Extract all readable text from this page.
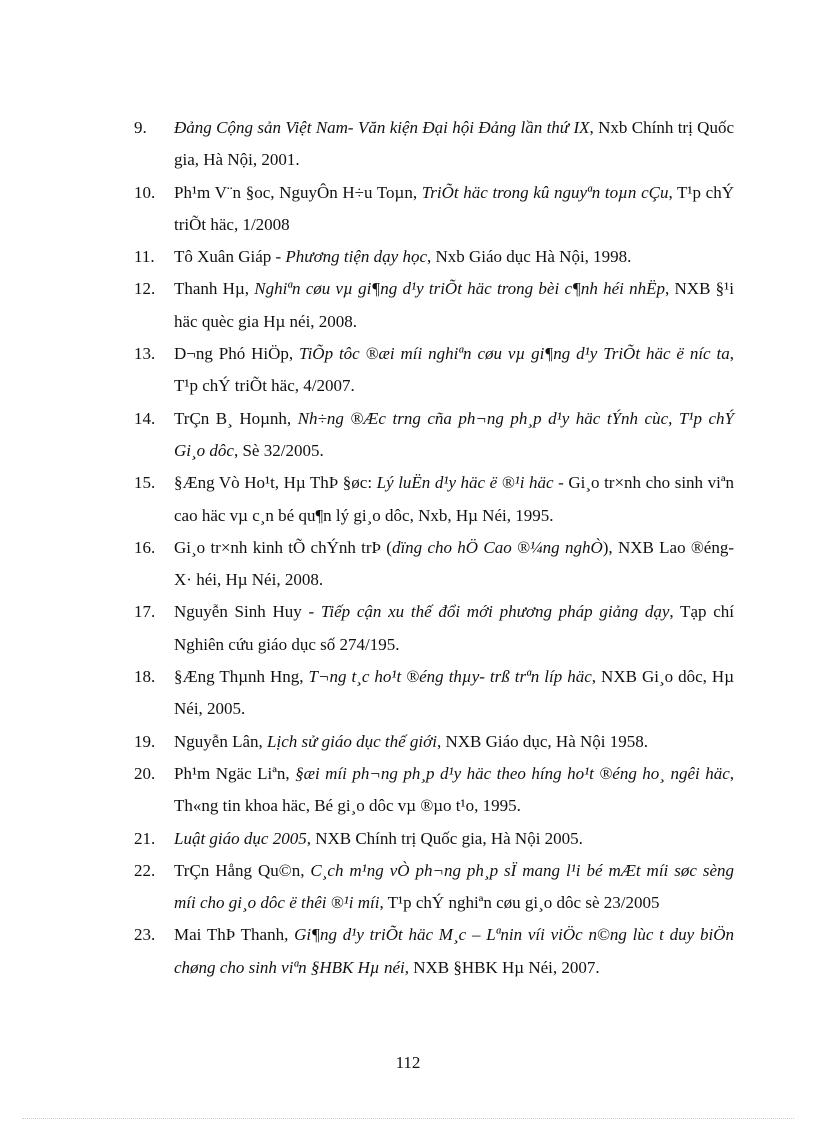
9.	Đảng Cộng sản Việt Nam- Văn kiện Đại hội Đảng lần thứ IX, Nxb Chính trị Quốc gia, Hà Nội, 2001.
10.	Ph¹m V¨n §oc, NguyÔn H÷u Toµn, TriÕt häc trong kû nguyªn toµn cÇu, T¹p chÝ triÕt häc, 1/2008
11.	Tô Xuân Giáp - Phương tiện dạy học, Nxb Giáo dục Hà Nội, 1998.
12.	Thanh Hµ, Nghiªn cøu vµ gi¶ng d¹y triÕt häc trong bèi c¶nh héi nhËp, NXB §¹i häc quèc gia Hµ néi, 2008.
13.	D¬ng Phó HiÖp, TiÕp tôc ®æi míi nghiªn cøu vµ gi¶ng d¹y TriÕt häc ë níc ta, T¹p chÝ triÕt häc, 4/2007.
14.	TrÇn B¸ Hoµnh, Nh÷ng ®Æc trng cña ph¬ng ph¸p d¹y häc tÝnh cùc, T¹p chÝ Gi¸o dôc, Sè 32/2005.
15.	§Æng Vò Ho¹t, Hµ ThÞ §øc: Lý luËn d¹y häc ë ®¹i häc - Gi¸o tr×nh cho sinh viªn cao häc vµ c¸n bé qu¶n lý gi¸o dôc, Nxb, Hµ Néi, 1995.
16.	Gi¸o tr×nh kinh tÕ chÝnh trÞ (dïng cho hÖ Cao ®¼ng nghÒ), NXB Lao ®éng-X· héi, Hµ Néi, 2008.
17.	Nguyễn Sinh Huy - Tiếp cận xu thế đổi mới phương pháp giảng dạy, Tạp chí Nghiên cứu giáo dục số 274/195.
18.	§Æng Thµnh Hng, T¬ng t¸c ho¹t ®éng thµy- trß trªn líp häc, NXB Gi¸o dôc, Hµ Néi, 2005.
19.	Nguyễn Lân, Lịch sử giáo dục thế giới, NXB Giáo dục, Hà Nội 1958.
20.	Ph¹m Ngäc Liªn, §æi míi ph¬ng ph¸p d¹y häc theo híng ho¹t ®éng ho¸ ngêi häc, Th«ng tin khoa häc, Bé gi¸o dôc vµ ®µo t¹o, 1995.
21.	Luật giáo dục 2005, NXB Chính trị Quốc gia, Hà Nội 2005.
22.	TrÇn Hång Qu©n, C¸ch m¹ng vÒ ph¬ng ph¸p sÏ mang l¹i bé mÆt míi søc sèng míi cho gi¸o dôc ë thêi ®¹i míi, T¹p chÝ nghiªn cøu gi¸o dôc sè 23/2005
23.	Mai ThÞ Thanh, Gi¶ng d¹y triÕt häc M¸c – Lªnin víi viÖc n©ng lùc t duy biÖn chøng cho sinh viªn §HBK Hµ néi, NXB §HBK Hµ Néi, 2007.
112
